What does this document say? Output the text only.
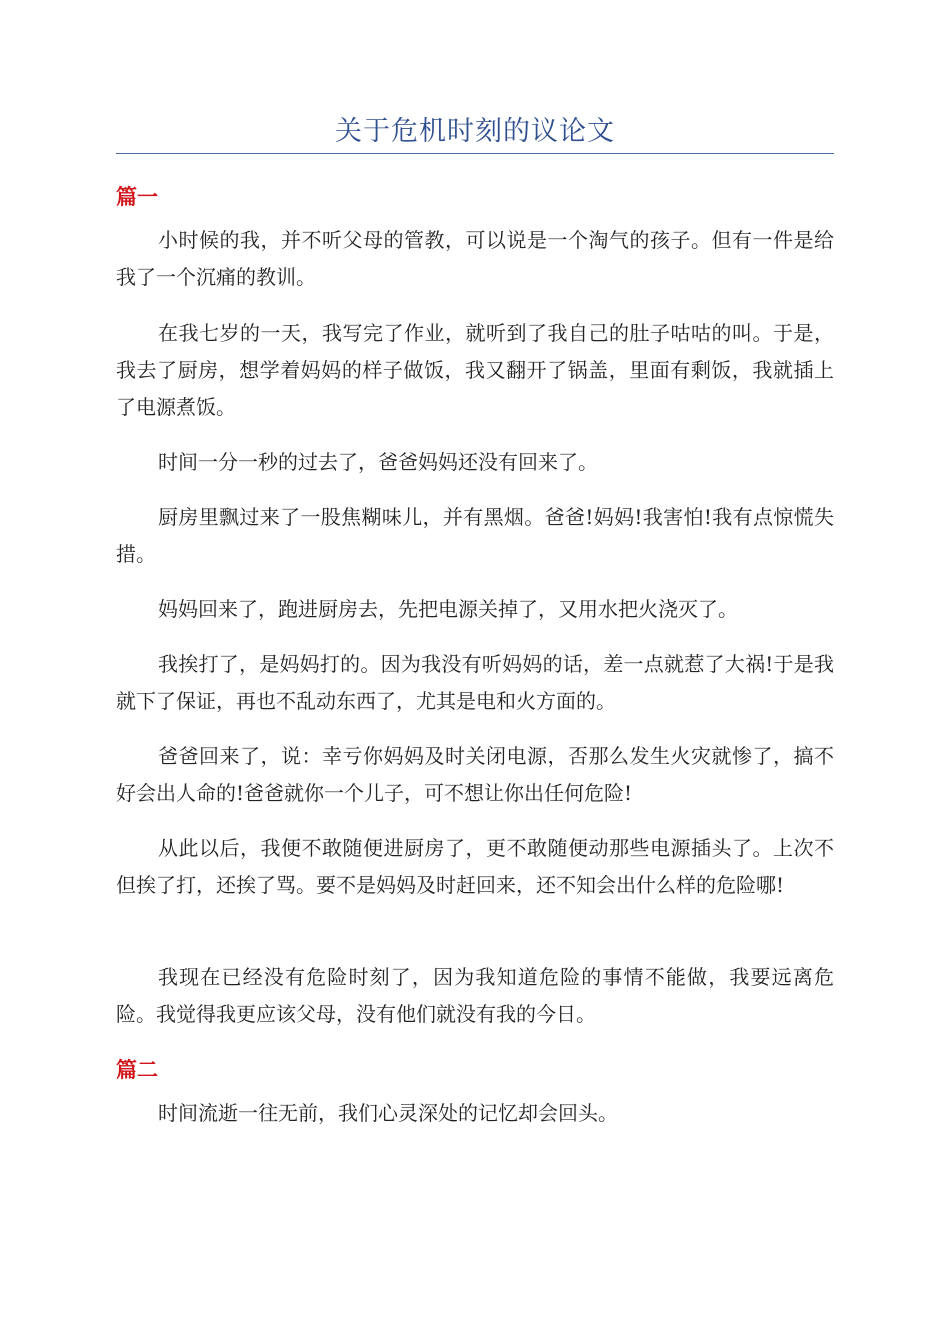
关于危机时刻的议论文
篇一

小时候的我，并不听父母的管教，可以说是一个淘气的孩子。但有一件是给我了一个沉痛的教训。

在我七岁的一天，我写完了作业，就听到了我自己的肚子咕咕的叫。于是，我去了厨房，想学着妈妈的样子做饭，我又翻开了锅盖，里面有剩饭，我就插上了电源煮饭。

时间一分一秒的过去了，爸爸妈妈还没有回来了。

厨房里飘过来了一股焦糊味儿，并有黑烟。爸爸!妈妈!我害怕!我有点惊慌失措。

妈妈回来了，跑进厨房去，先把电源关掉了，又用水把火浇灭了。

我挨打了，是妈妈打的。因为我没有听妈妈的话，差一点就惹了大祸!于是我就下了保证，再也不乱动东西了，尤其是电和火方面的。

爸爸回来了，说：幸亏你妈妈及时关闭电源，否那么发生火灾就惨了，搞不好会出人命的!爸爸就你一个儿子，可不想让你出任何危险!

从此以后，我便不敢随便进厨房了，更不敢随便动那些电源插头了。上次不但挨了打，还挨了骂。要不是妈妈及时赶回来，还不知会出什么样的危险哪!

我现在已经没有危险时刻了，因为我知道危险的事情不能做，我要远离危险。我觉得我更应该父母，没有他们就没有我的今日。

篇二

时间流逝一往无前，我们心灵深处的记忆却会回头。
